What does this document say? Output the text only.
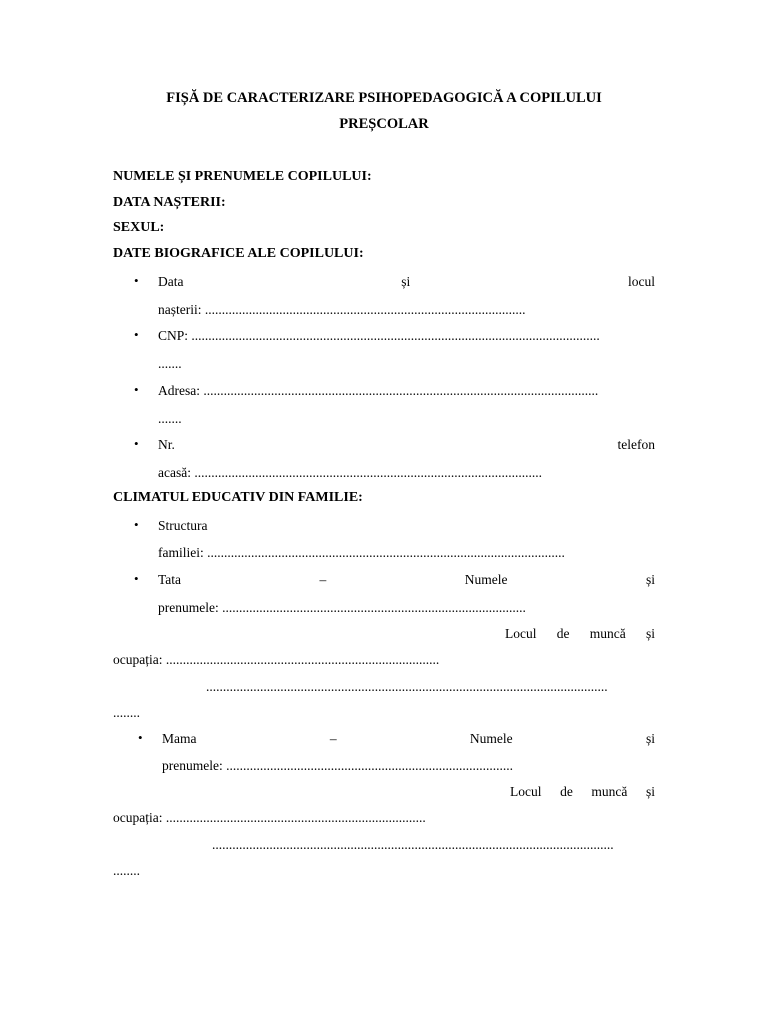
FIȘĂ DE CARACTERIZARE PSIHOPEDAGOGICĂ A COPILULUI
PREȘCOLAR
NUMELE ȘI PRENUMELE COPILULUI:
DATA NAȘTERII:
SEXUL:
DATE BIOGRAFICE ALE COPILULUI:
• Data	și	locul
nașterii: ...............................................................................................
• CNP: .........................................................................................................................
.......
• Adresa: .....................................................................................................................
.......
• Nr.	telefon
acasă: .......................................................................................................
CLIMATUL EDUCATIV DIN FAMILIE:
• Structura
familiei: ..........................................................................................................
• Tata	–	Numele	și
prenumele: ..........................................................................................
Locul de muncă și
ocupația: .................................................................................
.......................................................................................................................
........
• Mama	–	Numele	și
prenumele: .....................................................................................
Locul de muncă și
ocupația: .............................................................................
.......................................................................................................................
........
